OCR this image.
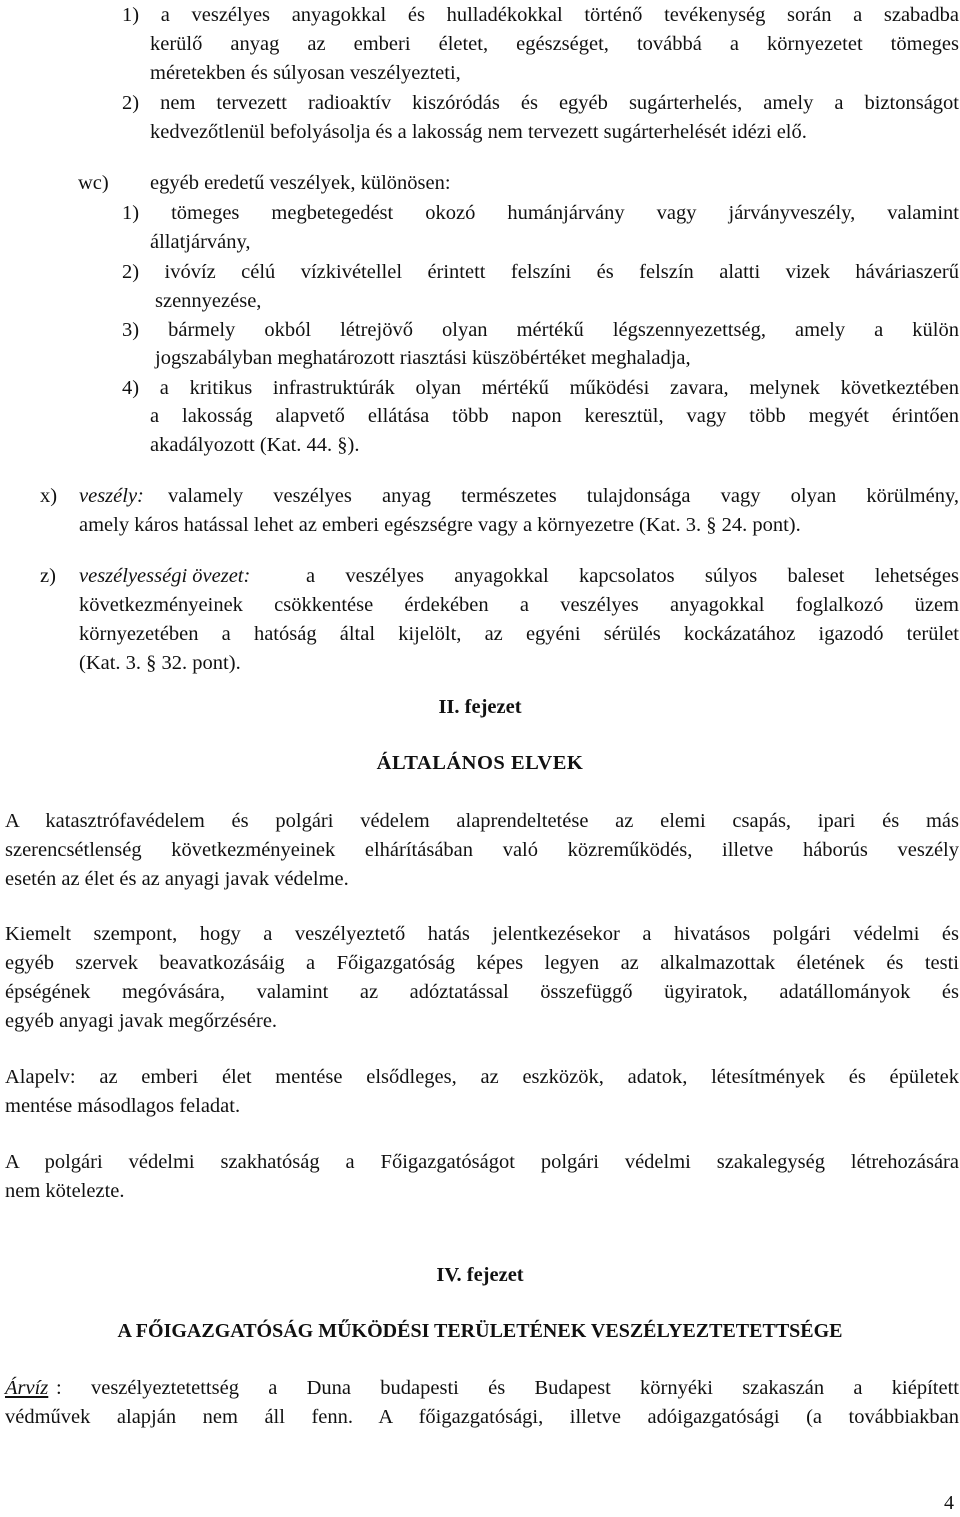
1) a veszélyes anyagokkal és hulladékokkal történő tevékenység során a szabadba
kerülő anyag az emberi életet, egészséget, továbbá a környezetet tömeges
méretekben és súlyosan veszélyezteti,
2) nem tervezett radioaktív kiszóródás és egyéb sugárterhelés, amely a biztonságot
kedvezőtlenül befolyásolja és a lakosság nem tervezett sugárterhelését idézi elő.
wc) egyéb eredetű veszélyek, különösen:
1) tömeges megbetegedést okozó humánjárvány vagy járványveszély, valamint
állatjárvány,
2) ivóvíz célú vízkivétellel érintett felszíni és felszín alatti vizek háváriaszerű
szennyezése,
3) bármely okból létrejövő olyan mértékű légszennyezettség, amely a külön
jogszabályban meghatározott riasztási küszöbértéket meghaladja,
4) a kritikus infrastruktúrák olyan mértékű működési zavara, melynek következtében
a lakosság alapvető ellátása több napon keresztül, vagy több megyét érintően
akadályozott (Kat. 44. §).
x) veszély: valamely veszélyes anyag természetes tulajdonsága vagy olyan körülmény,
amely káros hatással lehet az emberi egészségre vagy a környezetre (Kat. 3. § 24. pont).
z) veszélyességi övezet:	a veszélyes anyagokkal kapcsolatos súlyos baleset lehetséges
következményeinek csökkentése érdekében a veszélyes anyagokkal foglalkozó üzem
környezetében a hatóság által kijelölt, az egyéni sérülés kockázatához igazodó terület
(Kat. 3. § 32. pont).
II. fejezet
ÁLTALÁNOS ELVEK
A katasztrófavédelem és polgári védelem alaprendeltetése az elemi csapás, ipari és más
szerencsétlenség következményeinek elhárításában való közreműködés, illetve háborús veszély
esetén az élet és az anyagi javak védelme.
Kiemelt szempont, hogy a veszélyeztető hatás jelentkezésekor a hivatásos polgári védelmi és
egyéb szervek beavatkozásáig a Főigazgatóság képes legyen az alkalmazottak életének és testi
épségének megóvására, valamint az adóztatással összefüggő ügyiratok, adatállományok és
egyéb anyagi javak megőrzésére.
Alapelv: az emberi élet mentése elsődleges, az eszközök, adatok, létesítmények és épületek
mentése másodlagos feladat.
A polgári védelmi szakhatóság a Főigazgatóságot polgári védelmi szakalegység létrehozására
nem kötelezte.
IV. fejezet
A FŐIGAZGATÓSÁG MŰKÖDÉSI TERÜLETÉNEK VESZÉLYEZTETETTSÉGE
Árvíz : veszélyeztetettség a Duna budapesti és Budapest környéki szakaszán a kiépített
védművek alapján nem áll fenn. A főigazgatósági, illetve adóigazgatósági (a továbbiakban
4
